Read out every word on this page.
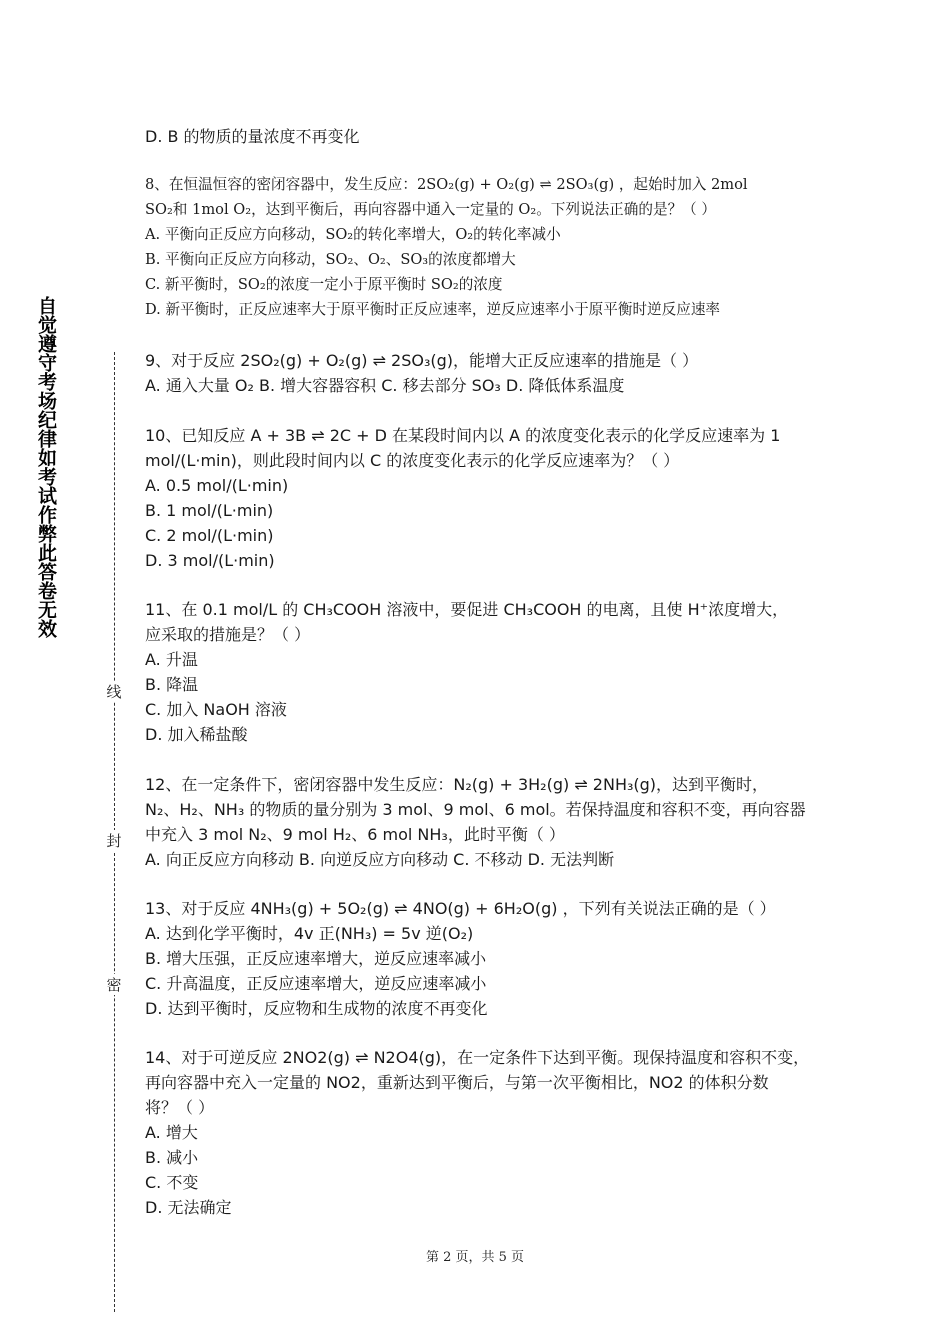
自觉遵守考场纪律如考试作弊此答卷无效
线
封
密
D. B 的物质的量浓度不再变化
8、在恒温恒容的密闭容器中，发生反应：2SO₂(g) + O₂(g) ⇌ 2SO₃(g) ，起始时加入 2mol
SO₂和 1mol O₂，达到平衡后，再向容器中通入一定量的 O₂。下列说法正确的是？（ ）
A. 平衡向正反应方向移动，SO₂的转化率增大，O₂的转化率减小
B. 平衡向正反应方向移动，SO₂、O₂、SO₃的浓度都增大
C. 新平衡时，SO₂的浓度一定小于原平衡时 SO₂的浓度
D. 新平衡时，正反应速率大于原平衡时正反应速率，逆反应速率小于原平衡时逆反应速率
9、对于反应 2SO₂(g) + O₂(g) ⇌ 2SO₃(g)，能增大正反应速率的措施是（ ）
A. 通入大量 O₂ B. 增大容器容积 C. 移去部分 SO₃ D. 降低体系温度
10、已知反应 A + 3B ⇌ 2C + D 在某段时间内以 A 的浓度变化表示的化学反应速率为 1
mol/(L·min)，则此段时间内以 C 的浓度变化表示的化学反应速率为？（ ）
A. 0.5 mol/(L·min)
B. 1 mol/(L·min)
C. 2 mol/(L·min)
D. 3 mol/(L·min)
11、在 0.1 mol/L 的 CH₃COOH 溶液中，要促进 CH₃COOH 的电离，且使 H⁺浓度增大，
应采取的措施是？（ ）
A. 升温
B. 降温
C. 加入 NaOH 溶液
D. 加入稀盐酸
12、在一定条件下，密闭容器中发生反应：N₂(g) + 3H₂(g) ⇌ 2NH₃(g)，达到平衡时，
N₂、H₂、NH₃ 的物质的量分别为 3 mol、9 mol、6 mol。若保持温度和容积不变，再向容器
中充入 3 mol N₂、9 mol H₂、6 mol NH₃，此时平衡（ ）
A. 向正反应方向移动 B. 向逆反应方向移动 C. 不移动 D. 无法判断
13、对于反应 4NH₃(g) + 5O₂(g) ⇌ 4NO(g) + 6H₂O(g) ，下列有关说法正确的是（ ）
A. 达到化学平衡时，4v 正(NH₃) = 5v 逆(O₂)
B. 增大压强，正反应速率增大，逆反应速率减小
C. 升高温度，正反应速率增大，逆反应速率减小
D. 达到平衡时，反应物和生成物的浓度不再变化
14、对于可逆反应 2NO2(g) ⇌ N2O4(g)，在一定条件下达到平衡。现保持温度和容积不变，
再向容器中充入一定量的 NO2，重新达到平衡后，与第一次平衡相比，NO2 的体积分数
将？（ ）
A. 增大
B. 减小
C. 不变
D. 无法确定
第 2 页，共 5 页
